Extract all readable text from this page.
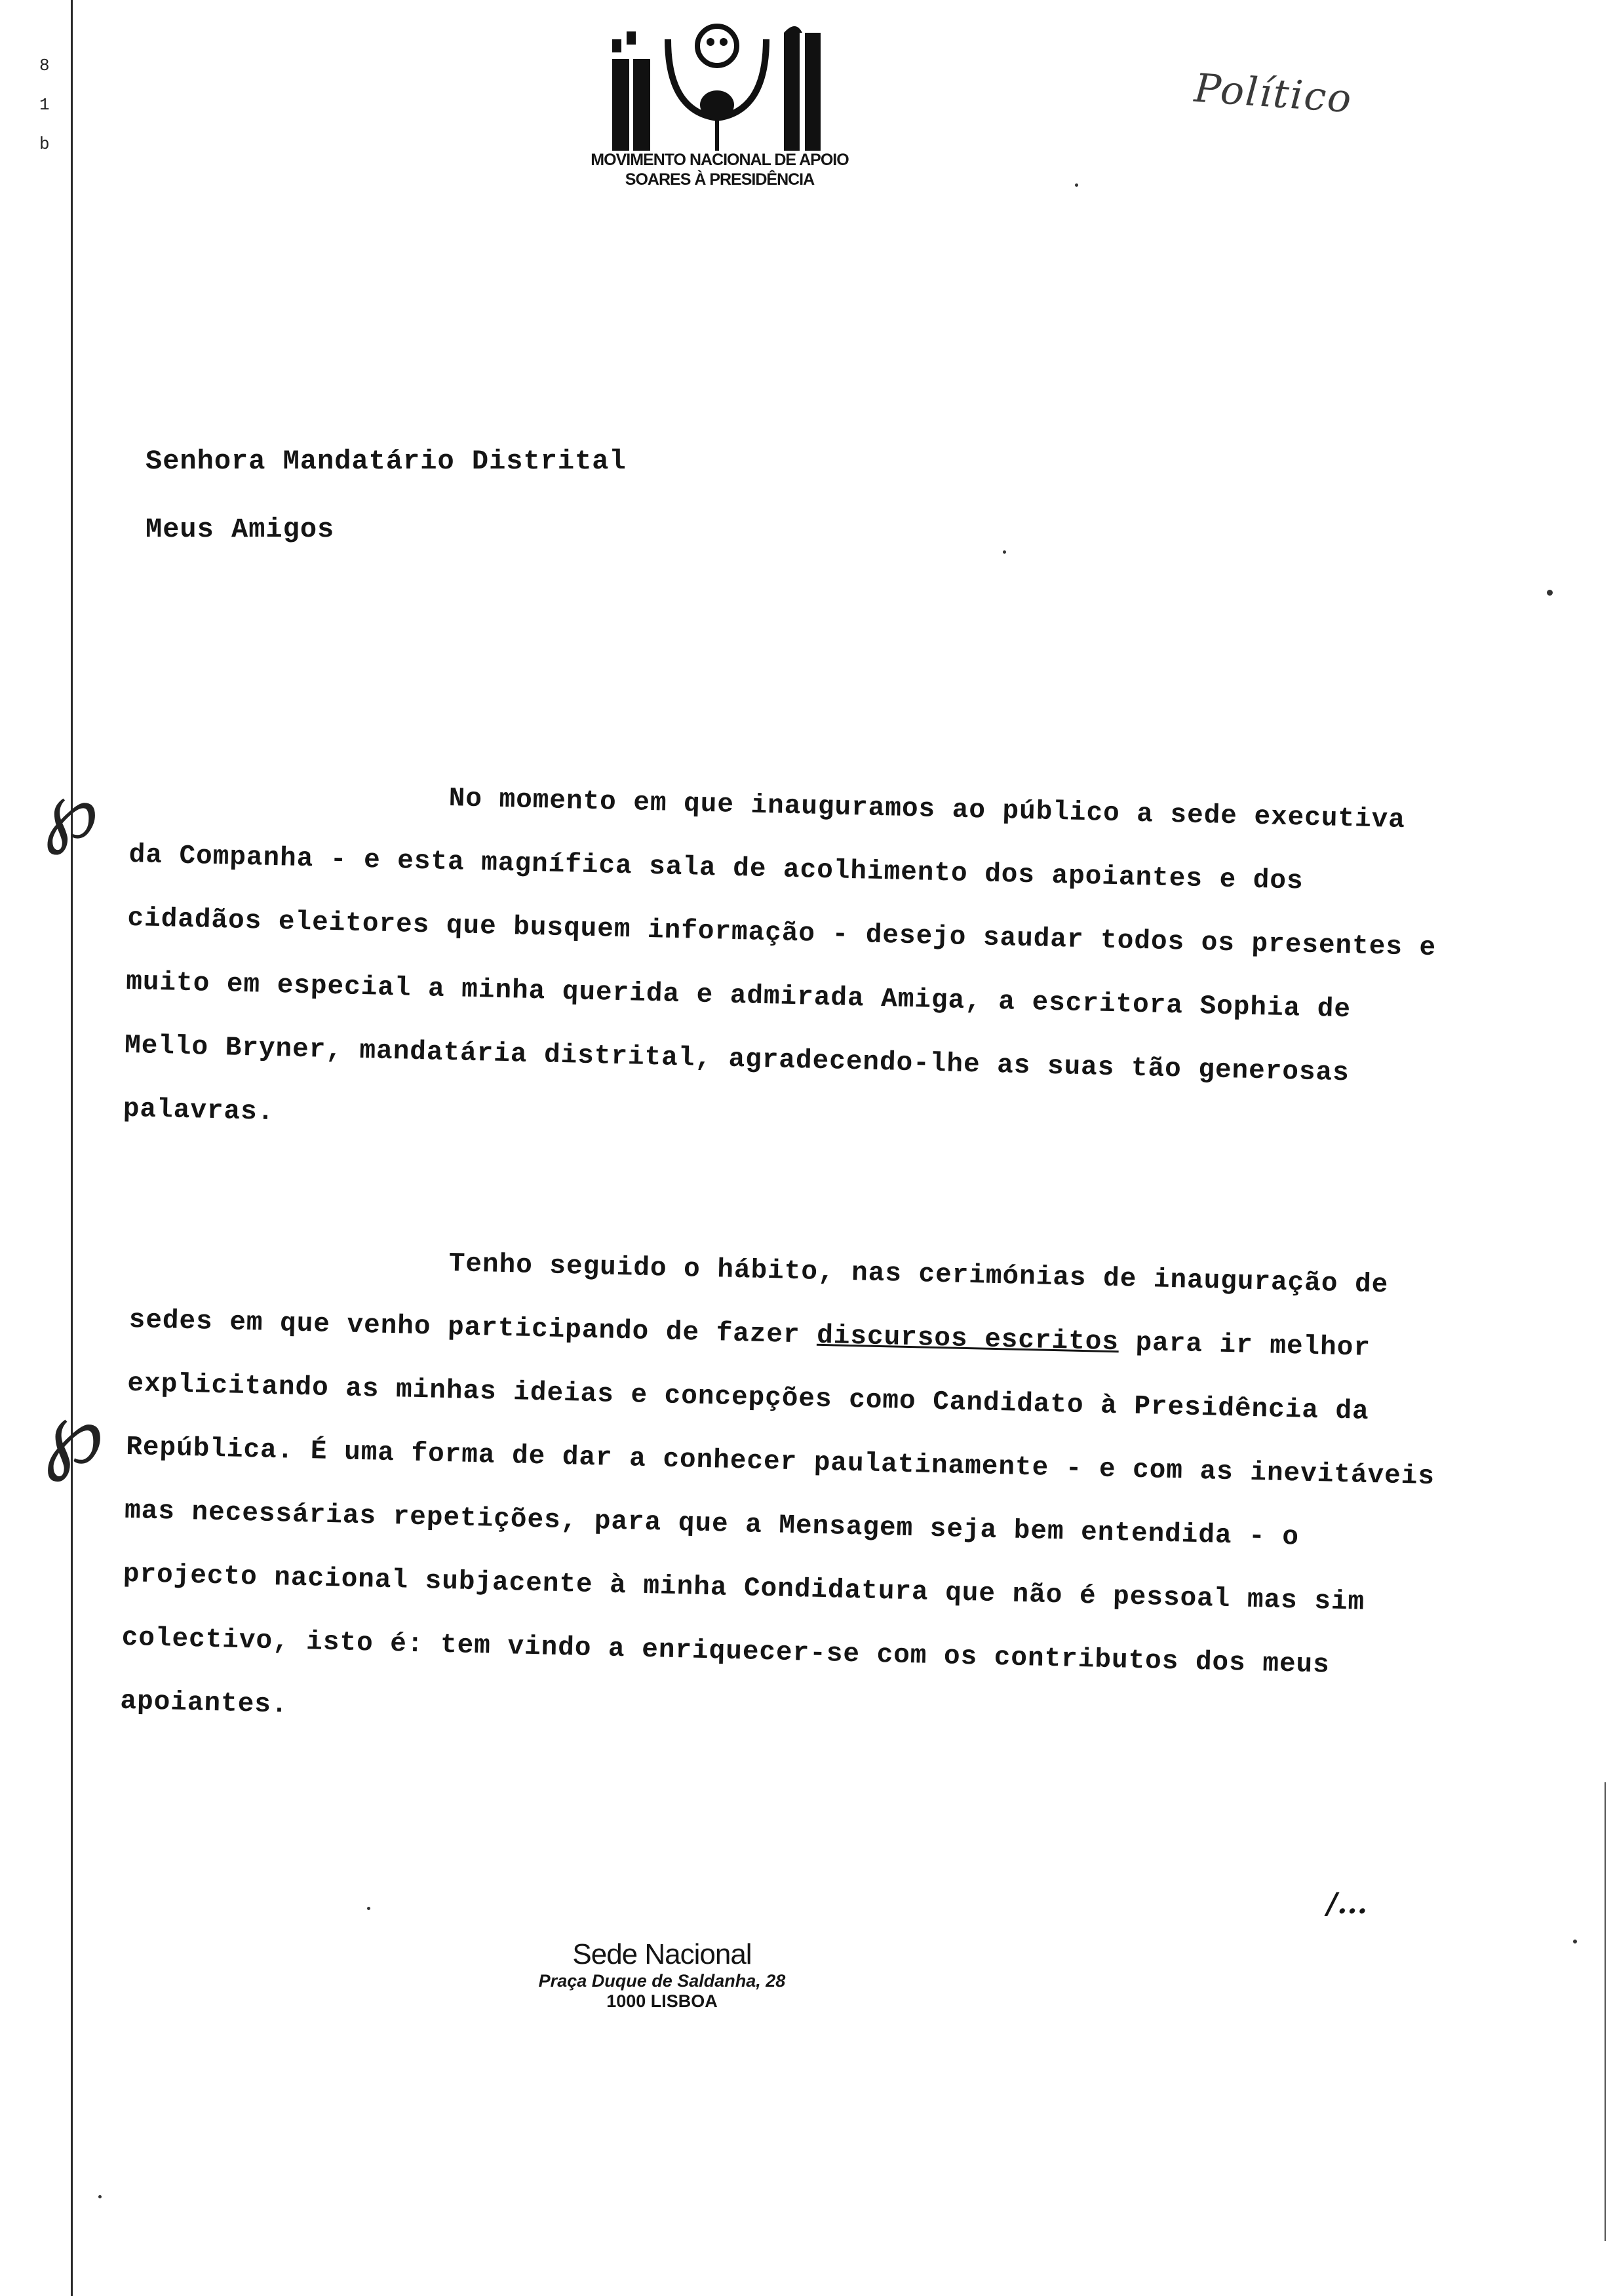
8
1
b
MOVIMENTO NACIONAL DE APOIO
SOARES À PRESIDÊNCIA
Político
Senhora Mandatário Distrital
Meus Amigos
℘
℘

No momento em que inauguramos ao público a sede executiva da Companha - e esta magnífica sala de acolhimento dos apoiantes e dos cidadãos eleitores que busquem informação - desejo saudar todos os presentes e muito em especial a minha querida e admirada Amiga, a escritora Sophia de Mello Bryner, mandatária distrital, agradecendo-lhe as suas tão generosas palavras.

Tenho seguido o hábito, nas cerimónias de inauguração de sedes em que venho participando de fazer discursos escritos para ir melhor explicitando as minhas ideias e concepções como Candidato à Presidência da República. É uma forma de dar a conhecer paulatinamente - e com as inevitáveis mas necessárias repetições, para que a Mensagem seja bem entendida - o projecto nacional subjacente à minha Condidatura que não é pessoal mas sim colectivo, isto é: tem vindo a enriquecer-se com os contributos dos meus apoiantes.

/...
Sede Nacional
Praça Duque de Saldanha, 28
1000 LISBOA
